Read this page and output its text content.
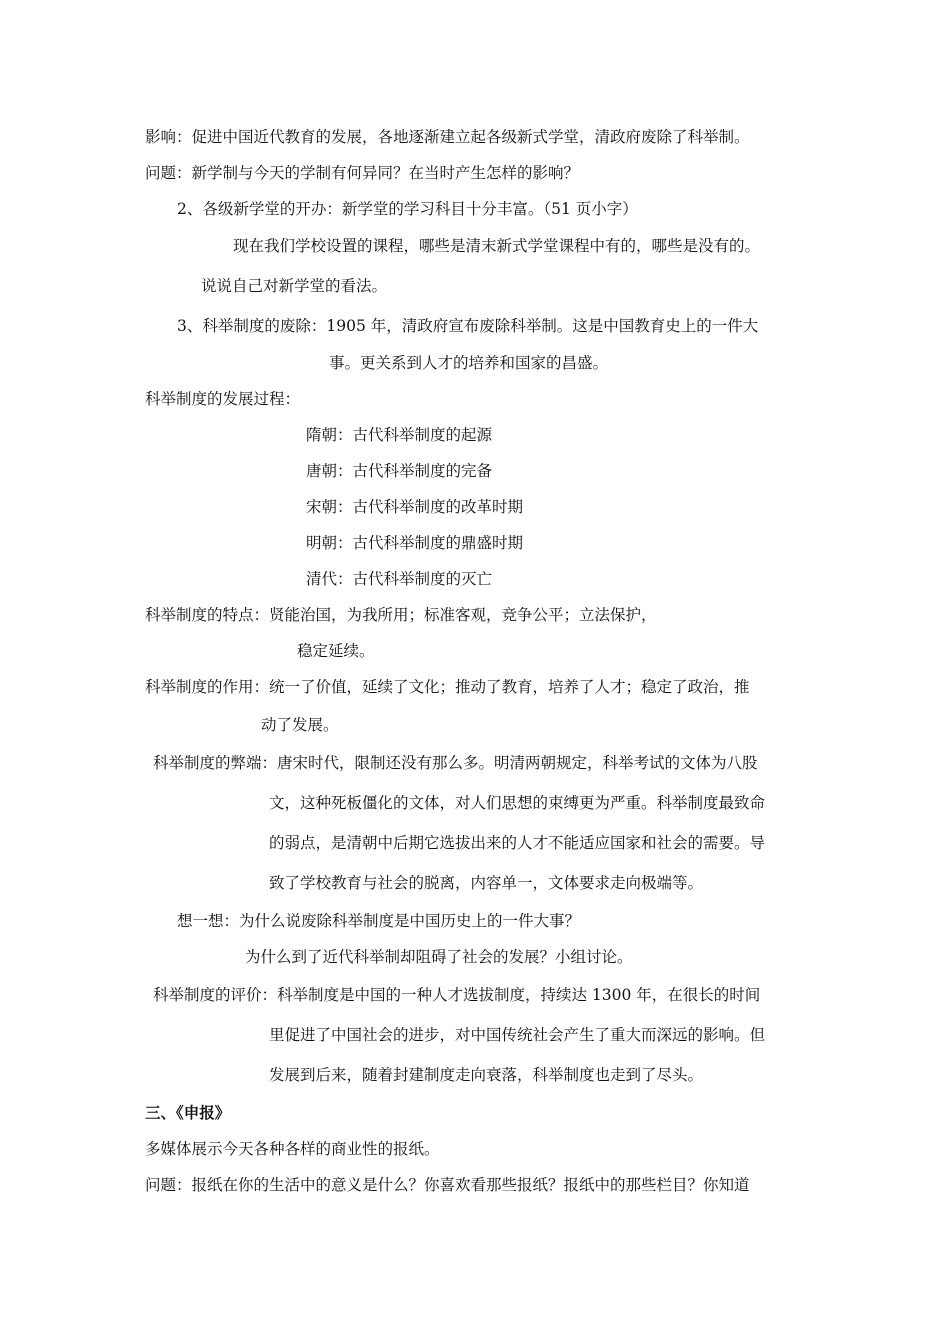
影响：促进中国近代教育的发展，各地逐渐建立起各级新式学堂，清政府废除了科举制。
问题：新学制与今天的学制有何异同？在当时产生怎样的影响？
2、各级新学堂的开办：新学堂的学习科目十分丰富。（51 页小字）
现在我们学校设置的课程，哪些是清末新式学堂课程中有的，哪些是没有的。
说说自己对新学堂的看法。
3、科举制度的废除：1905 年，清政府宣布废除科举制。这是中国教育史上的一件大
事。更关系到人才的培养和国家的昌盛。
科举制度的发展过程：
隋朝：古代科举制度的起源
唐朝：古代科举制度的完备
宋朝：古代科举制度的改革时期
明朝：古代科举制度的鼎盛时期
清代：古代科举制度的灭亡
科举制度的特点：贤能治国，为我所用；标准客观，竞争公平；立法保护，
稳定延续。
科举制度的作用：统一了价值，延续了文化；推动了教育，培养了人才；稳定了政治，推
动了发展。
科举制度的弊端：唐宋时代，限制还没有那么多。明清两朝规定，科举考试的文体为八股
文，这种死板僵化的文体，对人们思想的束缚更为严重。科举制度最致命
的弱点，是清朝中后期它选拔出来的人才不能适应国家和社会的需要。导
致了学校教育与社会的脱离，内容单一，文体要求走向极端等。
想一想：为什么说废除科举制度是中国历史上的一件大事？
为什么到了近代科举制却阻碍了社会的发展？小组讨论。
科举制度的评价：科举制度是中国的一种人才选拔制度，持续达 1300 年，在很长的时间
里促进了中国社会的进步，对中国传统社会产生了重大而深远的影响。但
发展到后来，随着封建制度走向衰落，科举制度也走到了尽头。
三、《申报》
多媒体展示今天各种各样的商业性的报纸。
问题：报纸在你的生活中的意义是什么？你喜欢看那些报纸？报纸中的那些栏目？你知道
